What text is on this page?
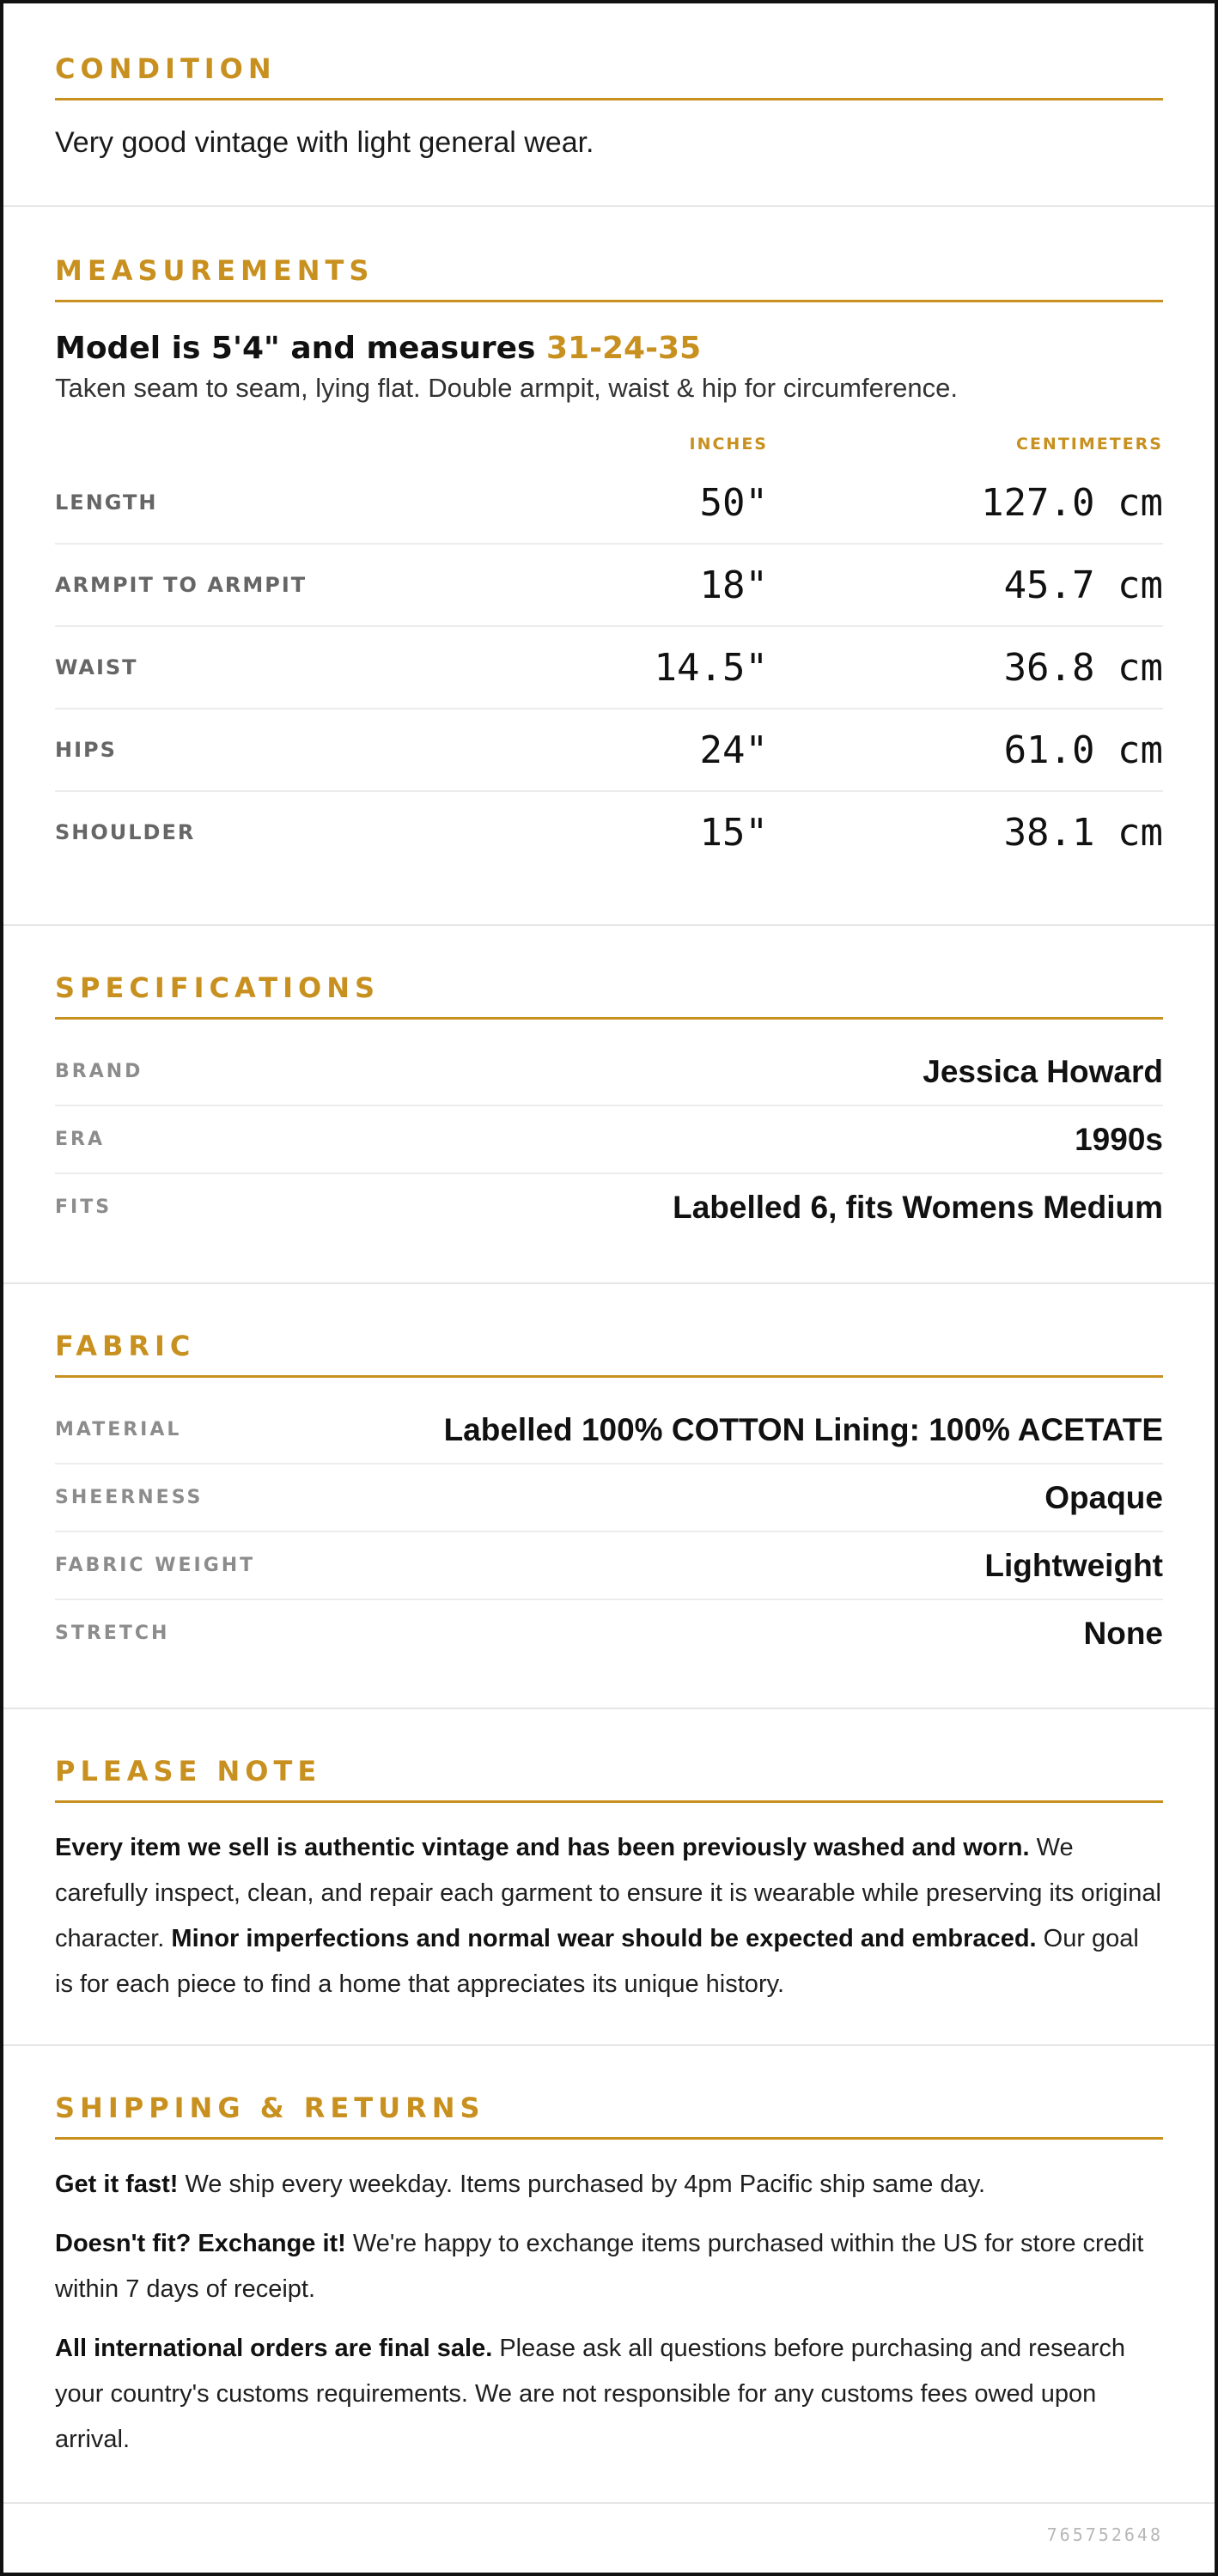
CONDITION
Very good vintage with light general wear.
MEASUREMENTS
Model is 5'4" and measures 31-24-35
Taken seam to seam, lying flat. Double armpit, waist & hip for circumference.
INCHES	CENTIMETERS
LENGTH	50"	127.0 cm
ARMPIT TO ARMPIT	18"	45.7 cm
WAIST	14.5"	36.8 cm
HIPS	24"	61.0 cm
SHOULDER	15"	38.1 cm
SPECIFICATIONS
BRAND	Jessica Howard
ERA	1990s
FITS	Labelled 6, fits Womens Medium
FABRIC
MATERIAL	Labelled 100% COTTON Lining: 100% ACETATE
SHEERNESS	Opaque
FABRIC WEIGHT	Lightweight
STRETCH	None
PLEASE NOTE
Every item we sell is authentic vintage and has been previously washed and worn. We carefully inspect, clean, and repair each garment to ensure it is wearable while preserving its original character. Minor imperfections and normal wear should be expected and embraced. Our goal is for each piece to find a home that appreciates its unique history.
SHIPPING & RETURNS
Get it fast! We ship every weekday. Items purchased by 4pm Pacific ship same day.
Doesn't fit? Exchange it! We're happy to exchange items purchased within the US for store credit within 7 days of receipt.
All international orders are final sale. Please ask all questions before purchasing and research your country's customs requirements. We are not responsible for any customs fees owed upon arrival.
765752648
